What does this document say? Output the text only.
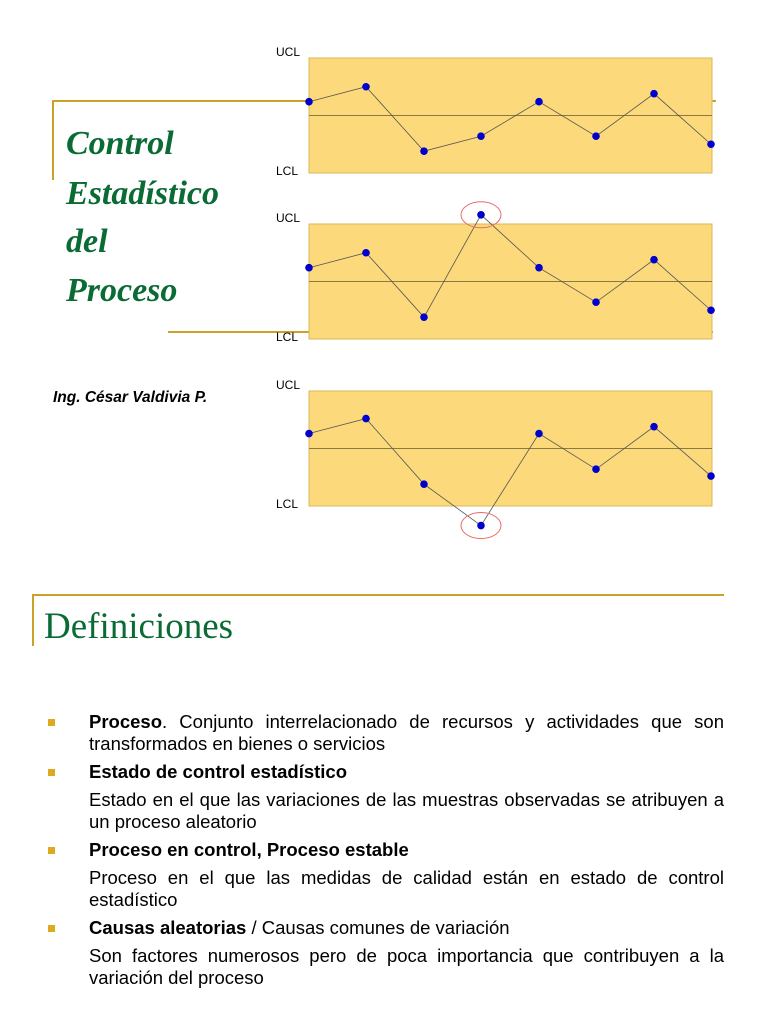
UCL
LCL
UCL
LCL
UCL
LCL
Control
Estadístico
del
Proceso
Ing. César Valdivia P.
Definiciones
Proceso. Conjunto interrelacionado de recursos y actividades que son transformados en bienes o servicios
Estado de control estadístico
Estado en el que las variaciones de las muestras observadas se atribuyen a un proceso aleatorio
Proceso en control, Proceso estable
Proceso en el que las medidas de calidad están en estado de control estadístico
Causas aleatorias / Causas comunes de variación
Son factores numerosos pero de poca importancia que contribuyen a la variación del proceso
